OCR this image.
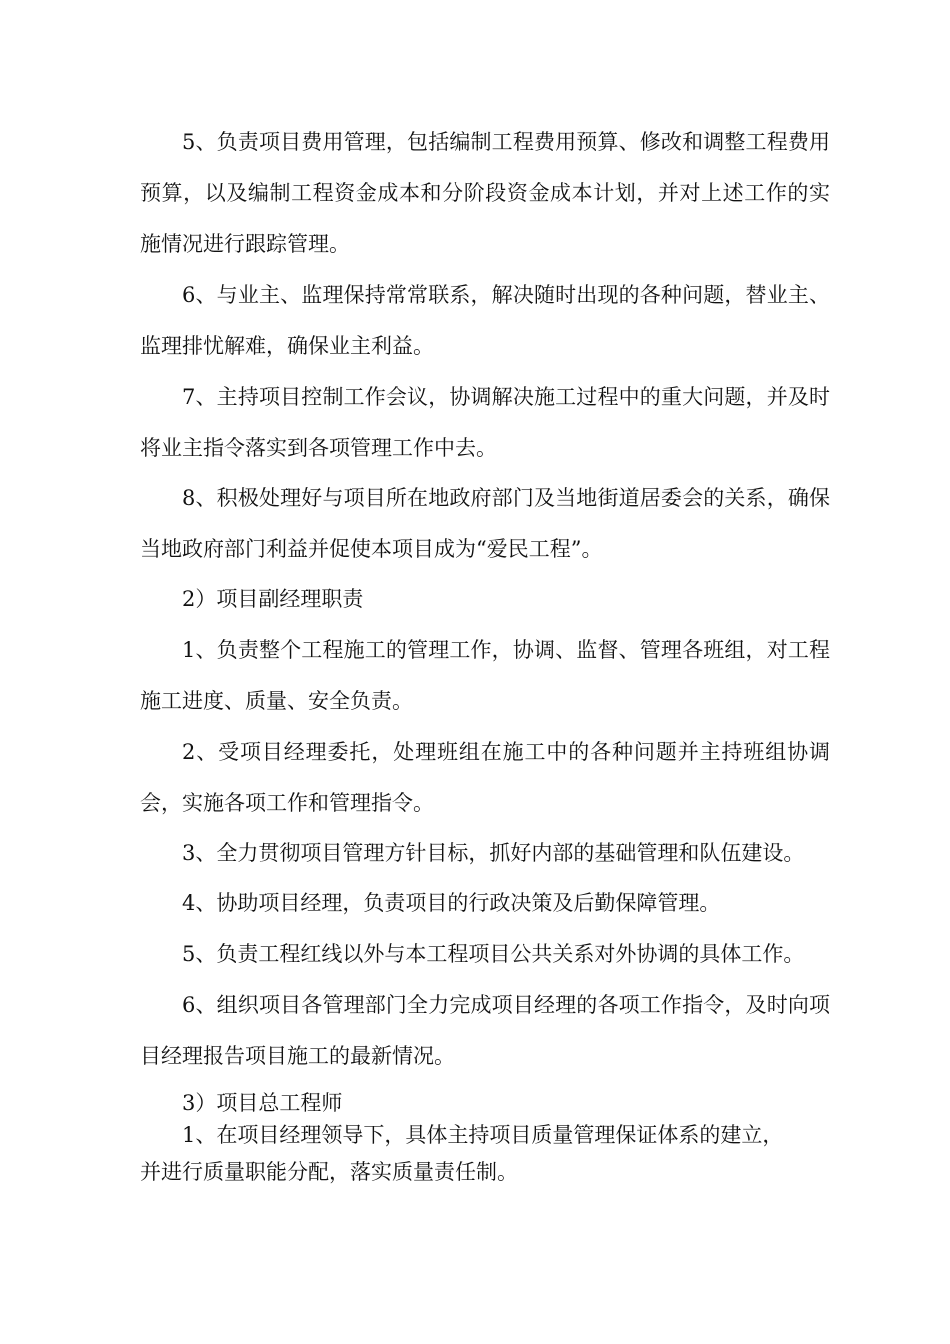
5、负责项目费用管理，包括编制工程费用预算、修改和调整工程费用预算，以及编制工程资金成本和分阶段资金成本计划，并对上述工作的实施情况进行跟踪管理。

6、与业主、监理保持常常联系，解决随时出现的各种问题，替业主、监理排忧解难，确保业主利益。

7、主持项目控制工作会议，协调解决施工过程中的重大问题，并及时将业主指令落实到各项管理工作中去。

8、积极处理好与项目所在地政府部门及当地街道居委会的关系，确保当地政府部门利益并促使本项目成为“爱民工程”。

2）项目副经理职责

1、负责整个工程施工的管理工作，协调、监督、管理各班组，对工程施工进度、质量、安全负责。

2、受项目经理委托，处理班组在施工中的各种问题并主持班组协调会，实施各项工作和管理指令。

3、全力贯彻项目管理方针目标，抓好内部的基础管理和队伍建设。

4、协助项目经理，负责项目的行政决策及后勤保障管理。

5、负责工程红线以外与本工程项目公共关系对外协调的具体工作。

6、组织项目各管理部门全力完成项目经理的各项工作指令，及时向项目经理报告项目施工的最新情况。

3）项目总工程师

1、在项目经理领导下，具体主持项目质量管理保证体系的建立，

并进行质量职能分配，落实质量责任制。
